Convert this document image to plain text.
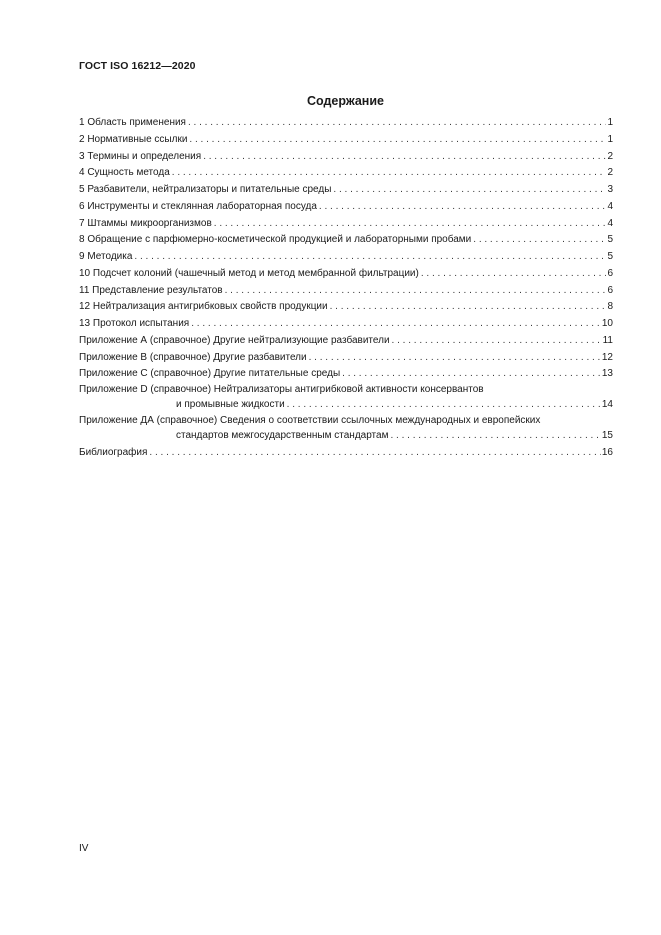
ГОСТ ISO 16212—2020
Содержание
1 Область применения . . .	1
2 Нормативные ссылки . . .	1
3 Термины и определения . . .	2
4 Сущность метода . . .	2
5 Разбавители, нейтрализаторы и питательные среды . . .	3
6 Инструменты и стеклянная лабораторная посуда . . .	4
7 Штаммы микроорганизмов . . .	4
8 Обращение с парфюмерно-косметической продукцией и лабораторными пробами . . .	5
9 Методика . . .	5
10 Подсчет колоний (чашечный метод и метод мембранной фильтрации) . . .	6
11 Представление результатов . . .	6
12 Нейтрализация антигрибковых свойств продукции . . .	8
13 Протокол испытания . . .	10
Приложение А (справочное) Другие нейтрализующие разбавители . . .	11
Приложение В (справочное) Другие разбавители . . .	12
Приложение С (справочное) Другие питательные среды . . .	13
Приложение D (справочное) Нейтрализаторы антигрибковой активности консервантов
и промывные жидкости . . .	14
Приложение ДА (справочное) Сведения о соответствии ссылочных международных и европейских
стандартов межгосударственным стандартам . . .	15
Библиография . . .	16
IV
